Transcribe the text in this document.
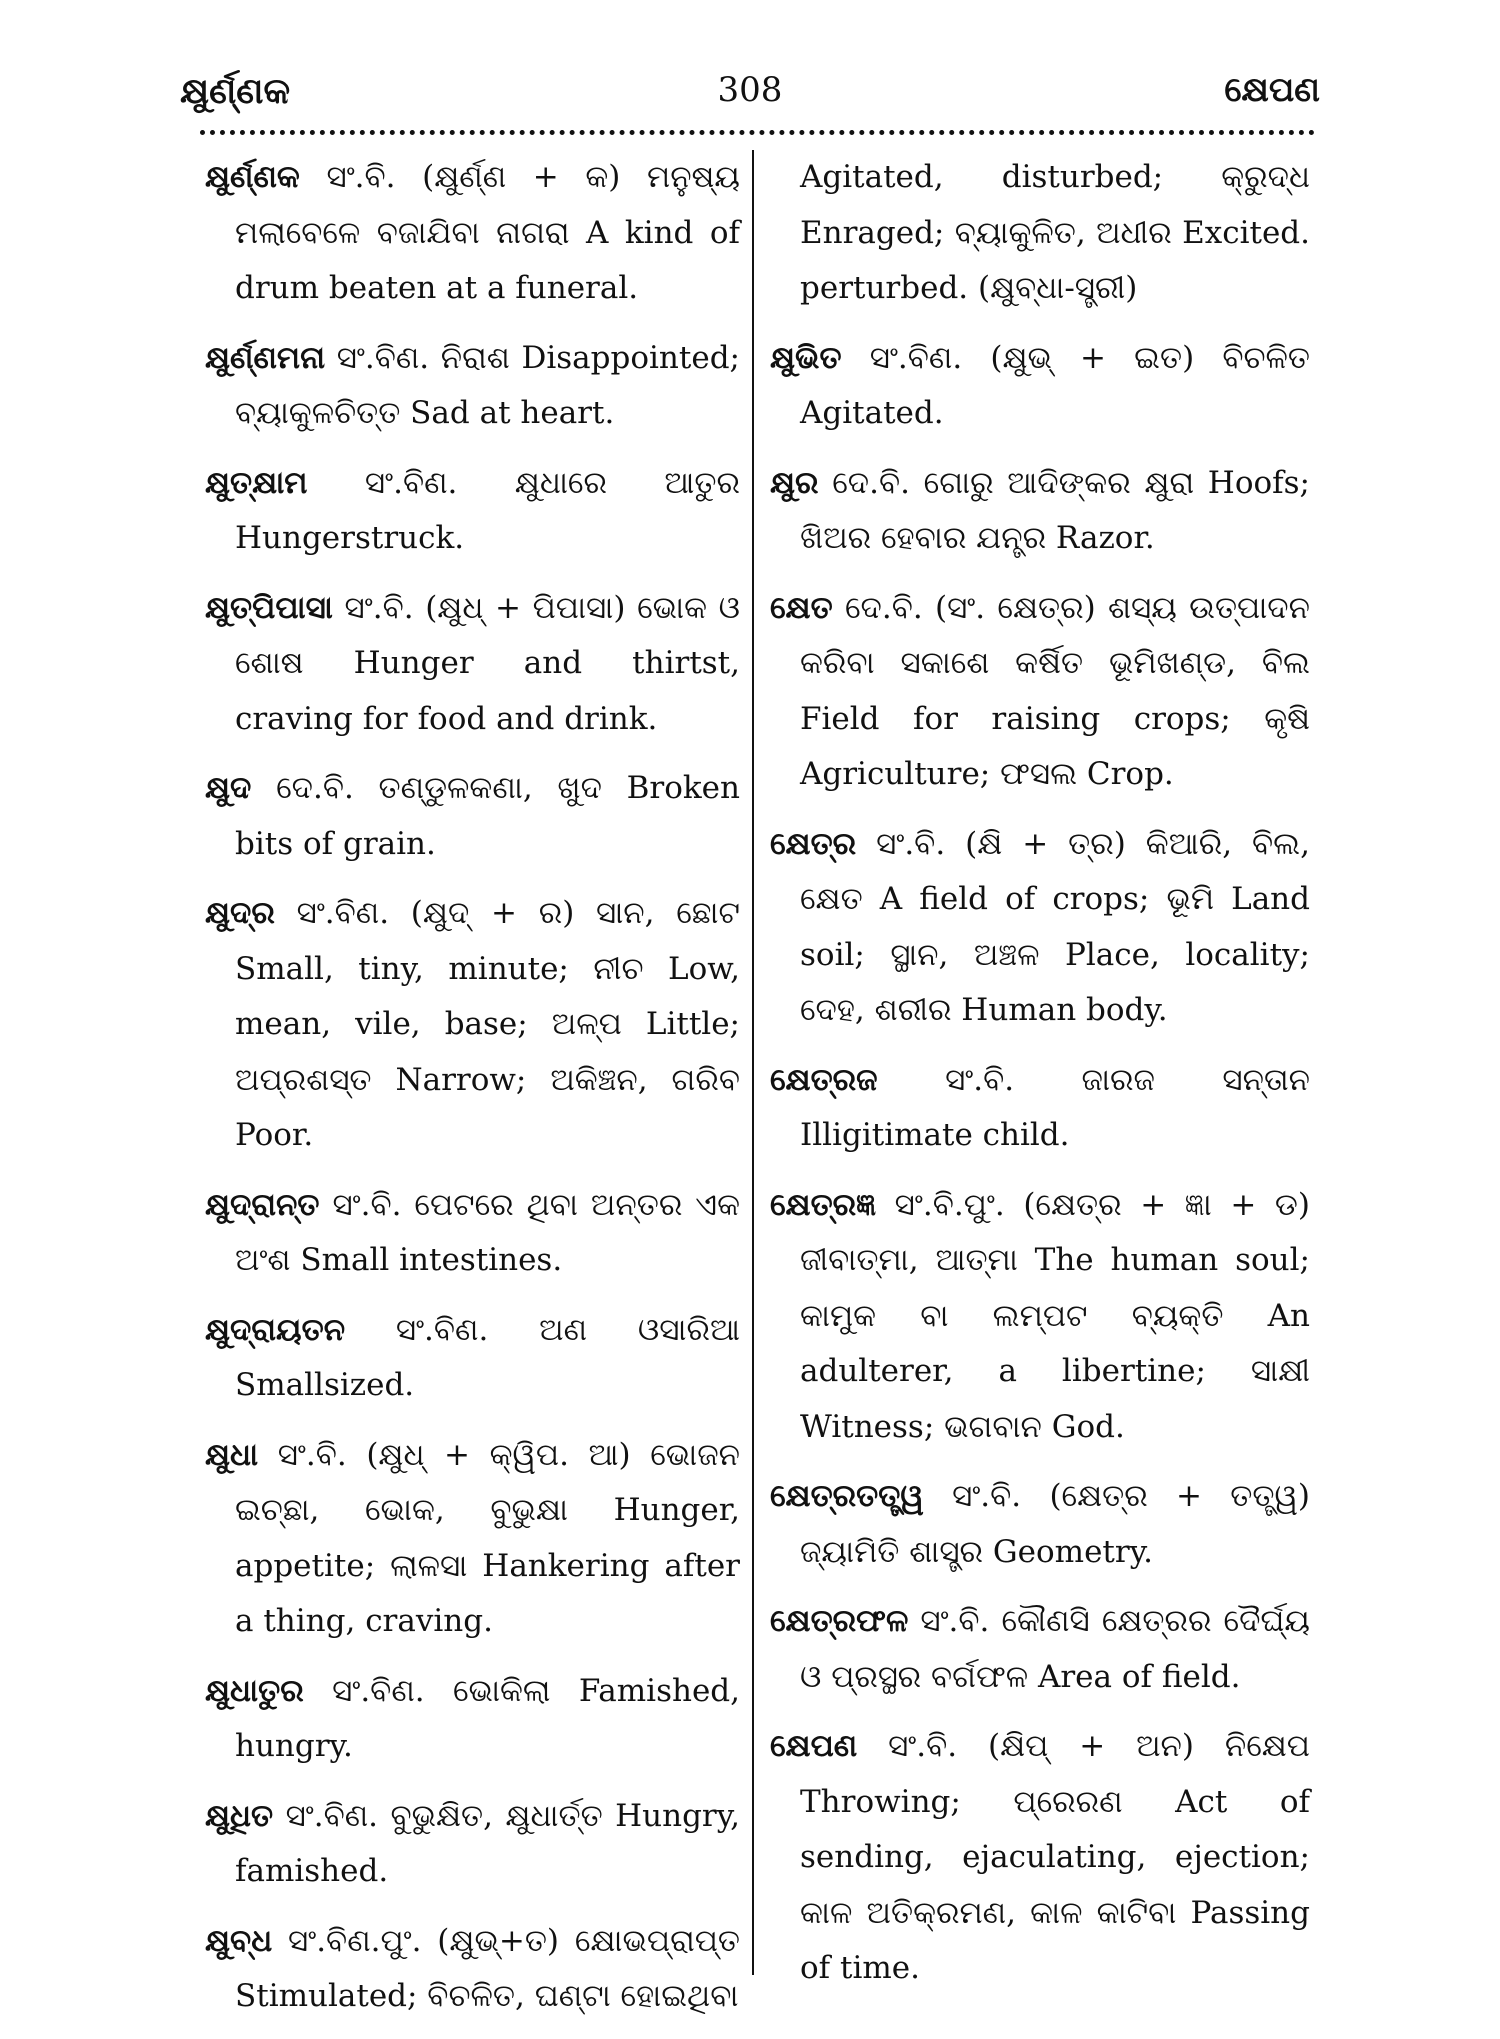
କ୍ଷୁର୍ଣ୍ଣକ	308	କ୍ଷେପଣ

କ୍ଷୁର୍ଣ୍ଣକ ସଂ.ବି. (କ୍ଷୁର୍ଣ୍ଣ + କ) ମନୁଷ୍ୟ ମଲାବେଳେ ବଜାଯିବା ନାଗରା A kind of drum beaten at a funeral.

କ୍ଷୁର୍ଣ୍ଣମନା ସଂ.ବିଣ. ନିରାଶ Disappointed; ବ୍ୟାକୁଳଚିତ୍ତ Sad at heart.

କ୍ଷୁତ୍‌କ୍ଷାମ ସଂ.ବିଣ. କ୍ଷୁଧାରେ ଆତୁର Hungerstruck.

କ୍ଷୁତ୍‌ପିପାସା ସଂ.ବି. (କ୍ଷୁଧ୍ + ପିପାସା) ଭୋକ ଓ ଶୋଷ Hunger and thirtst, craving for food and drink.

କ୍ଷୁଦ ଦେ.ବି. ତଣ୍ଡୁଳକଣା, ଖୁଦ Broken bits of grain.

କ୍ଷୁଦ୍ର ସଂ.ବିଣ. (କ୍ଷୁଦ୍ + ର) ସାନ, ଛୋଟ Small, tiny, minute; ନୀଚ Low, mean, vile, base; ଅଳ୍ପ Little; ଅପ୍ରଶସ୍ତ Narrow; ଅକିଞ୍ଚନ, ଗରିବ Poor.

କ୍ଷୁଦ୍ରାନ୍ତ ସଂ.ବି. ପେଟରେ ଥିବା ଅନ୍ତର ଏକ ଅଂଶ Small intestines.

କ୍ଷୁଦ୍ରାୟତନ ସଂ.ବିଣ. ଅଣ ଓସାରିଆ Smallsized.

କ୍ଷୁଧା ସଂ.ବି. (କ୍ଷୁଧ୍ + କ୍ୱିପ. ଆ) ଭୋଜନ ଇଚ୍ଛା, ଭୋକ, ବୁଭୁକ୍ଷା Hunger, appetite; ଲାଳସା Hankering after a thing, craving.

କ୍ଷୁଧାତୁର ସଂ.ବିଣ. ଭୋକିଲା Famished, hungry.

କ୍ଷୁଧିତ ସଂ.ବିଣ. ବୁଭୁକ୍ଷିତ, କ୍ଷୁଧାର୍ତ୍ତ Hungry, famished.

କ୍ଷୁବ୍‌ଧ ସଂ.ବିଣ.ପୁଂ. (କ୍ଷୁଭ୍+ତ) କ୍ଷୋଭପ୍ରାପ୍ତ Stimulated; ବିଚଳିତ, ଘଣ୍ଟା ହୋଇଥିବା

Agitated, disturbed; କ୍ରୁଦ୍ଧ Enraged; ବ୍ୟାକୁଳିତ, ଅଧୀର Excited. perturbed. (କ୍ଷୁବ୍‌ଧା-ସ୍ତ୍ରୀ)

କ୍ଷୁଭିତ ସଂ.ବିଣ. (କ୍ଷୁଭ୍ + ଇତ) ବିଚଳିତ Agitated.

କ୍ଷୁର ଦେ.ବି. ଗୋରୁ ଆଦିଙ୍କର କ୍ଷୁରା Hoofs; ଖିଅର ହେବାର ଯନ୍ତ୍ର Razor.

କ୍ଷେତ ଦେ.ବି. (ସଂ. କ୍ଷେତ୍ର) ଶସ୍ୟ ଉତ୍ପାଦନ କରିବା ସକାଶେ କର୍ଷିତ ଭୂମିଖଣ୍ଡ, ବିଲ Field for raising crops; କୃଷି Agriculture; ଫସଲ Crop.

କ୍ଷେତ୍ର ସଂ.ବି. (କ୍ଷି + ତ୍ର) କିଆରି, ବିଲ, କ୍ଷେତ A field of crops; ଭୂମି Land soil; ସ୍ଥାନ, ଅଞ୍ଚଳ Place, locality; ଦେହ, ଶରୀର Human body.

କ୍ଷେତ୍ରଜ ସଂ.ବି. ଜାରଜ ସନ୍ତାନ Illigitimate child.

କ୍ଷେତ୍ରଜ୍ଞ ସଂ.ବି.ପୁଂ. (କ୍ଷେତ୍ର + ଜ୍ଞା + ଡ) ଜୀବାତ୍ମା, ଆତ୍ମା The human soul; କାମୁକ ବା ଲମ୍ପଟ ବ୍ୟକ୍ତି An adulterer, a libertine; ସାକ୍ଷୀ Witness; ଭଗବାନ God.

କ୍ଷେତ୍ରତତ୍ତ୍ୱ ସଂ.ବି. (କ୍ଷେତ୍ର + ତତ୍ତ୍ୱ) ଜ୍ୟାମିତି ଶାସ୍ତ୍ର Geometry.

କ୍ଷେତ୍ରଫଳ ସଂ.ବି. କୌଣସି କ୍ଷେତ୍ରର ଦୈର୍ଘ୍ୟ ଓ ପ୍ରସ୍ଥର ବର୍ଗଫଳ Area of field.

କ୍ଷେପଣ ସଂ.ବି. (କ୍ଷିପ୍ + ଅନ) ନିକ୍ଷେପ Throwing; ପ୍ରେରଣ Act of sending, ejaculating, ejection; କାଳ ଅତିକ୍ରମଣ, କାଳ କାଟିବା Passing of time.
